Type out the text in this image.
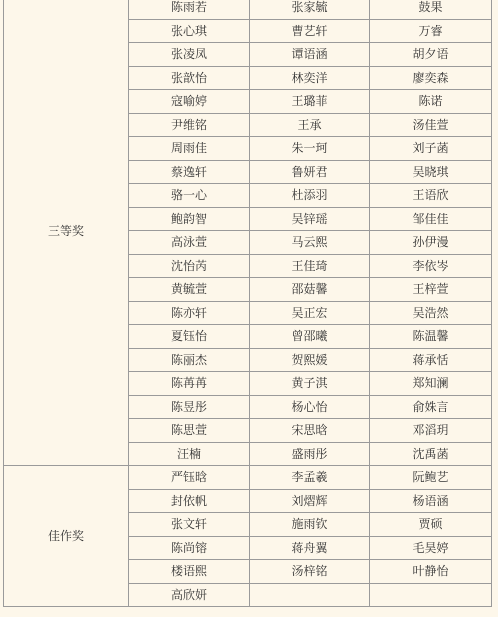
三等奖	陈雨若	张家毓	鼓果
	张心琪	曹艺轩	万睿
	张凌凤	谭语涵	胡夕语
	张歆怡	林奕洋	廖奕森
	寇喻婷	王璐菲	陈诺
	尹维铭	王承	汤佳萱
	周雨佳	朱一珂	刘子菡
	蔡逸轩	鲁妍君	吴晓琪
	骆一心	杜添羽	王语欣
	鲍韵智	吴锌瑶	邹佳佳
	高泳萱	马云熙	孙伊漫
	沈怡芮	王佳琦	李依岑
	黄毓萱	邵菇馨	王梓萱
	陈亦轩	吴正宏	吴浩然
	夏钰怡	曾邵曦	陈温馨
	陈丽杰	贺熙媛	蒋承恬
	陈苒苒	黄子淇	郑知澜
	陈昱彤	杨心怡	俞姝言
	陈思萱	宋思晗	邓滔玥
	汪楠	盛雨彤	沈禹菡
佳作奖	严钰晗	李孟羲	阮鲍艺
	封依帆	刘熠辉	杨语涵
	张文轩	施雨钦	贾硕
	陈尚镕	蒋舟翼	毛昊婷
	楼语熙	汤梓铭	叶静怡
	高欣妍		
